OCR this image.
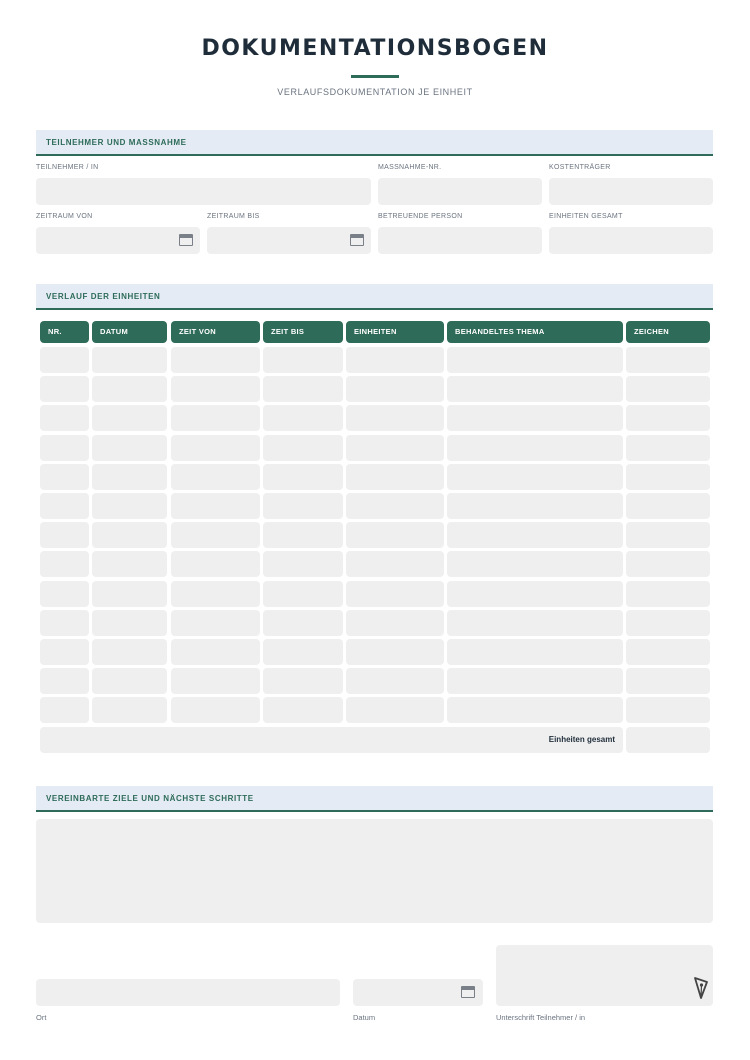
DOKUMENTATIONSBOGEN
VERLAUFSDOKUMENTATION JE EINHEIT
TEILNEHMER UND MASSNAHME
TEILNEHMER / IN	MASSNAHME-NR.	KOSTENTRÄGER
ZEITRAUM VON	ZEITRAUM BIS	BETREUENDE PERSON	EINHEITEN GESAMT
VERLAUF DER EINHEITEN
NR.	DATUM	ZEIT VON	ZEIT BIS	EINHEITEN	BEHANDELTES THEMA	ZEICHEN
Einheiten gesamt
VEREINBARTE ZIELE UND NÄCHSTE SCHRITTE
Ort	Datum	Unterschrift Teilnehmer / in
